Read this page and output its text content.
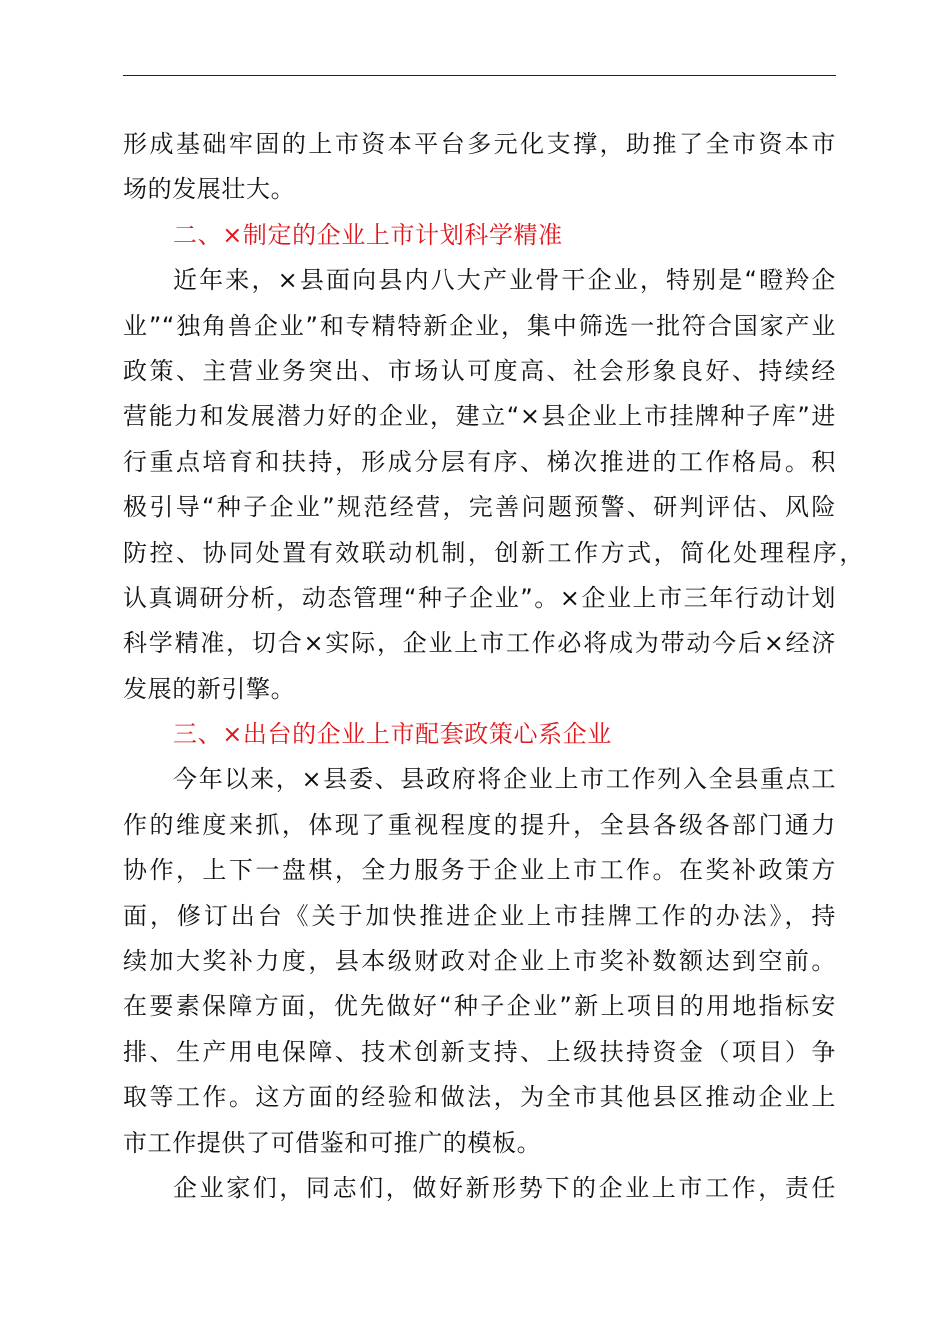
形成基础牢固的上市资本平台多元化支撑，助推了全市资本市
场的发展壮大。
二、×制定的企业上市计划科学精准
近年来，×县面向县内八大产业骨干企业，特别是“瞪羚企
业”“独角兽企业”和专精特新企业，集中筛选一批符合国家产业
政策、主营业务突出、市场认可度高、社会形象良好、持续经
营能力和发展潜力好的企业，建立“×县企业上市挂牌种子库”进
行重点培育和扶持，形成分层有序、梯次推进的工作格局。积
极引导“种子企业”规范经营，完善问题预警、研判评估、风险
防控、协同处置有效联动机制，创新工作方式，简化处理程序，
认真调研分析，动态管理“种子企业”。×企业上市三年行动计划
科学精准，切合×实际，企业上市工作必将成为带动今后×经济
发展的新引擎。
三、×出台的企业上市配套政策心系企业
今年以来，×县委、县政府将企业上市工作列入全县重点工
作的维度来抓，体现了重视程度的提升，全县各级各部门通力
协作，上下一盘棋，全力服务于企业上市工作。在奖补政策方
面，修订出台《关于加快推进企业上市挂牌工作的办法》，持
续加大奖补力度，县本级财政对企业上市奖补数额达到空前。
在要素保障方面，优先做好“种子企业”新上项目的用地指标安
排、生产用电保障、技术创新支持、上级扶持资金（项目）争
取等工作。这方面的经验和做法，为全市其他县区推动企业上
市工作提供了可借鉴和可推广的模板。
企业家们，同志们，做好新形势下的企业上市工作，责任
